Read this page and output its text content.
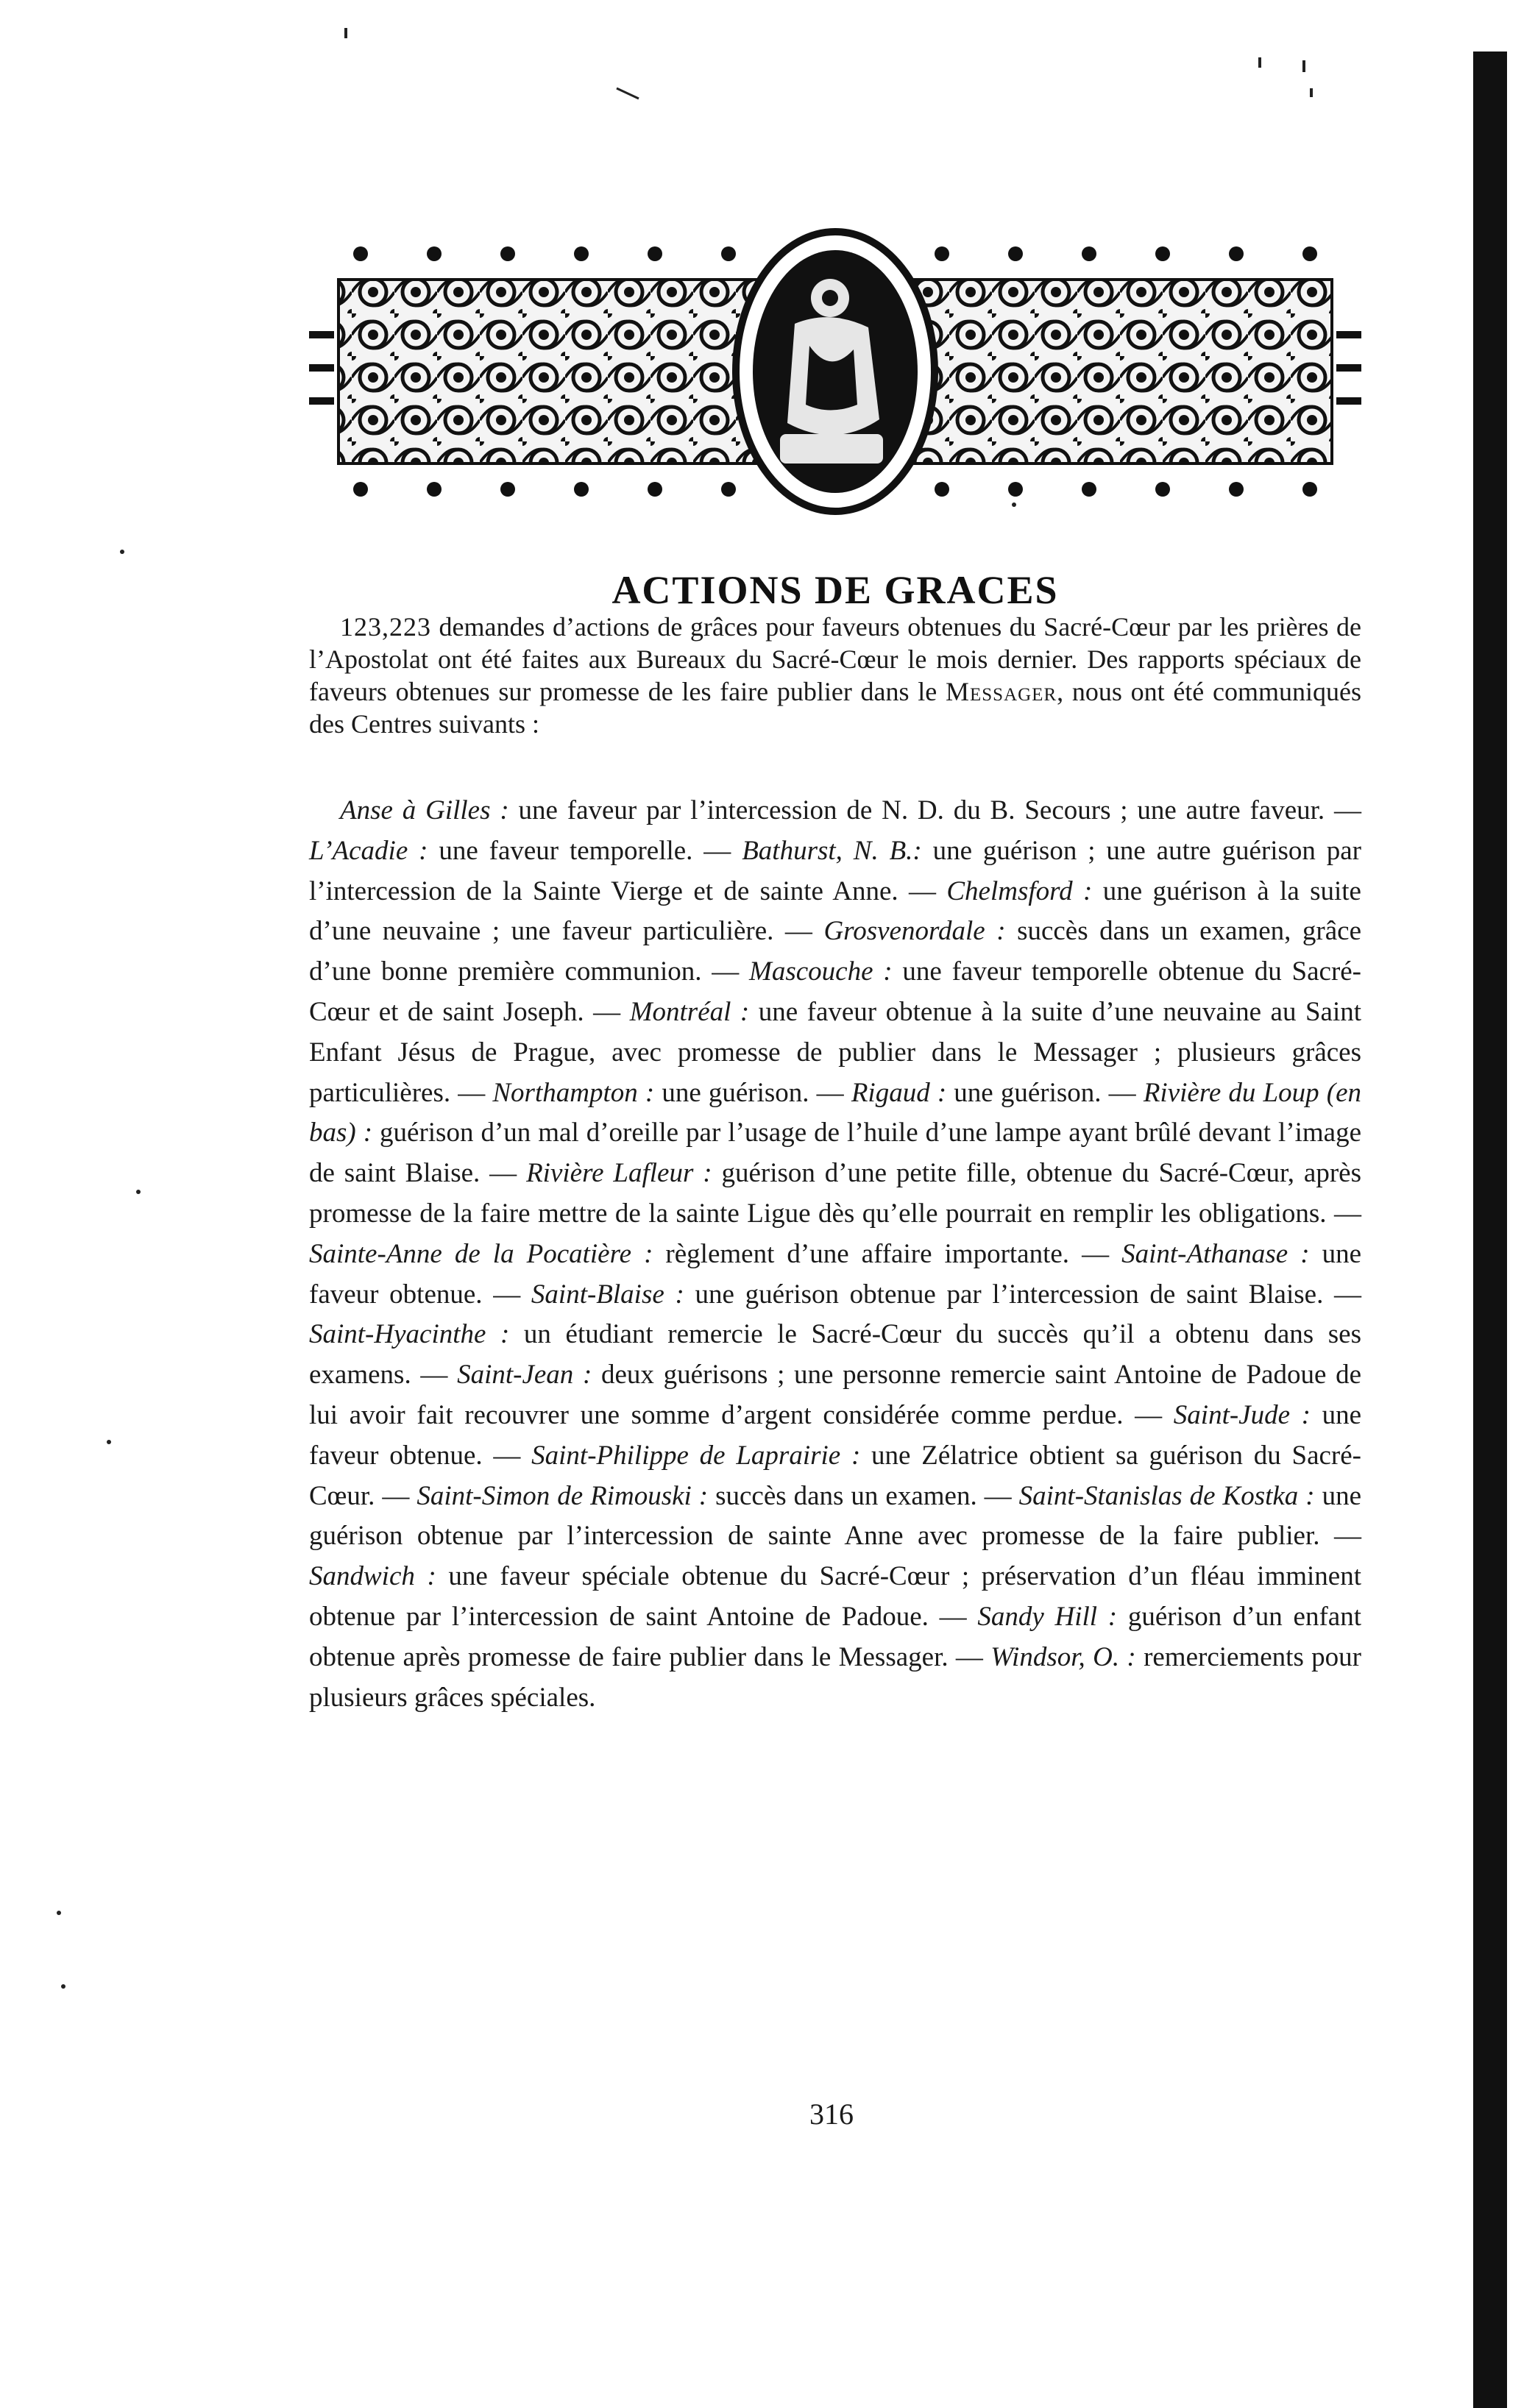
ACTIONS DE GRACES

123,223 demandes d’actions de grâces pour faveurs obtenues du Sacré-Cœur par les prières de l’Apostolat ont été faites aux Bureaux du Sacré-Cœur le mois dernier. Des rapports spéciaux de faveurs obtenues sur promesse de les faire publier dans le Messager, nous ont été communiqués des Centres suivants :

Anse à Gilles : une faveur par l’intercession de N. D. du B. Secours ; une autre faveur. — L’Acadie : une faveur temporelle. — Bathurst, N. B.: une guérison ; une autre guérison par l’intercession de la Sainte Vierge et de sainte Anne. — Chelmsford : une guérison à la suite d’une neuvaine ; une faveur particulière. — Grosvenordale : succès dans un examen, grâce d’une bonne première communion. — Mascouche : une faveur temporelle obtenue du Sacré-Cœur et de saint Joseph. — Montréal : une faveur obtenue à la suite d’une neuvaine au Saint Enfant Jésus de Prague, avec promesse de publier dans le Messager ; plusieurs grâces particulières. — Northampton : une guérison. — Rigaud : une guérison. — Rivière du Loup (en bas) : guérison d’un mal d’oreille par l’usage de l’huile d’une lampe ayant brûlé devant l’image de saint Blaise. — Rivière Lafleur : guérison d’une petite fille, obtenue du Sacré-Cœur, après promesse de la faire mettre de la sainte Ligue dès qu’elle pourrait en remplir les obligations. — Sainte-Anne de la Pocatière : règlement d’une affaire importante. — Saint-Athanase : une faveur obtenue. — Saint-Blaise : une guérison obtenue par l’intercession de saint Blaise. — Saint-Hyacinthe : un étudiant remercie le Sacré-Cœur du succès qu’il a obtenu dans ses examens. — Saint-Jean : deux guérisons ; une personne remercie saint Antoine de Padoue de lui avoir fait recouvrer une somme d’argent considérée comme perdue. — Saint-Jude : une faveur obtenue. — Saint-Philippe de Laprairie : une Zélatrice obtient sa guérison du Sacré-Cœur. — Saint-Simon de Rimouski : succès dans un examen. — Saint-Stanislas de Kostka : une guérison obtenue par l’intercession de sainte Anne avec promesse de la faire publier. — Sandwich : une faveur spéciale obtenue du Sacré-Cœur ; préservation d’un fléau imminent obtenue par l’intercession de saint Antoine de Padoue. — Sandy Hill : guérison d’un enfant obtenue après promesse de faire publier dans le Messager. — Windsor, O. : remerciements pour plusieurs grâces spéciales.

316
